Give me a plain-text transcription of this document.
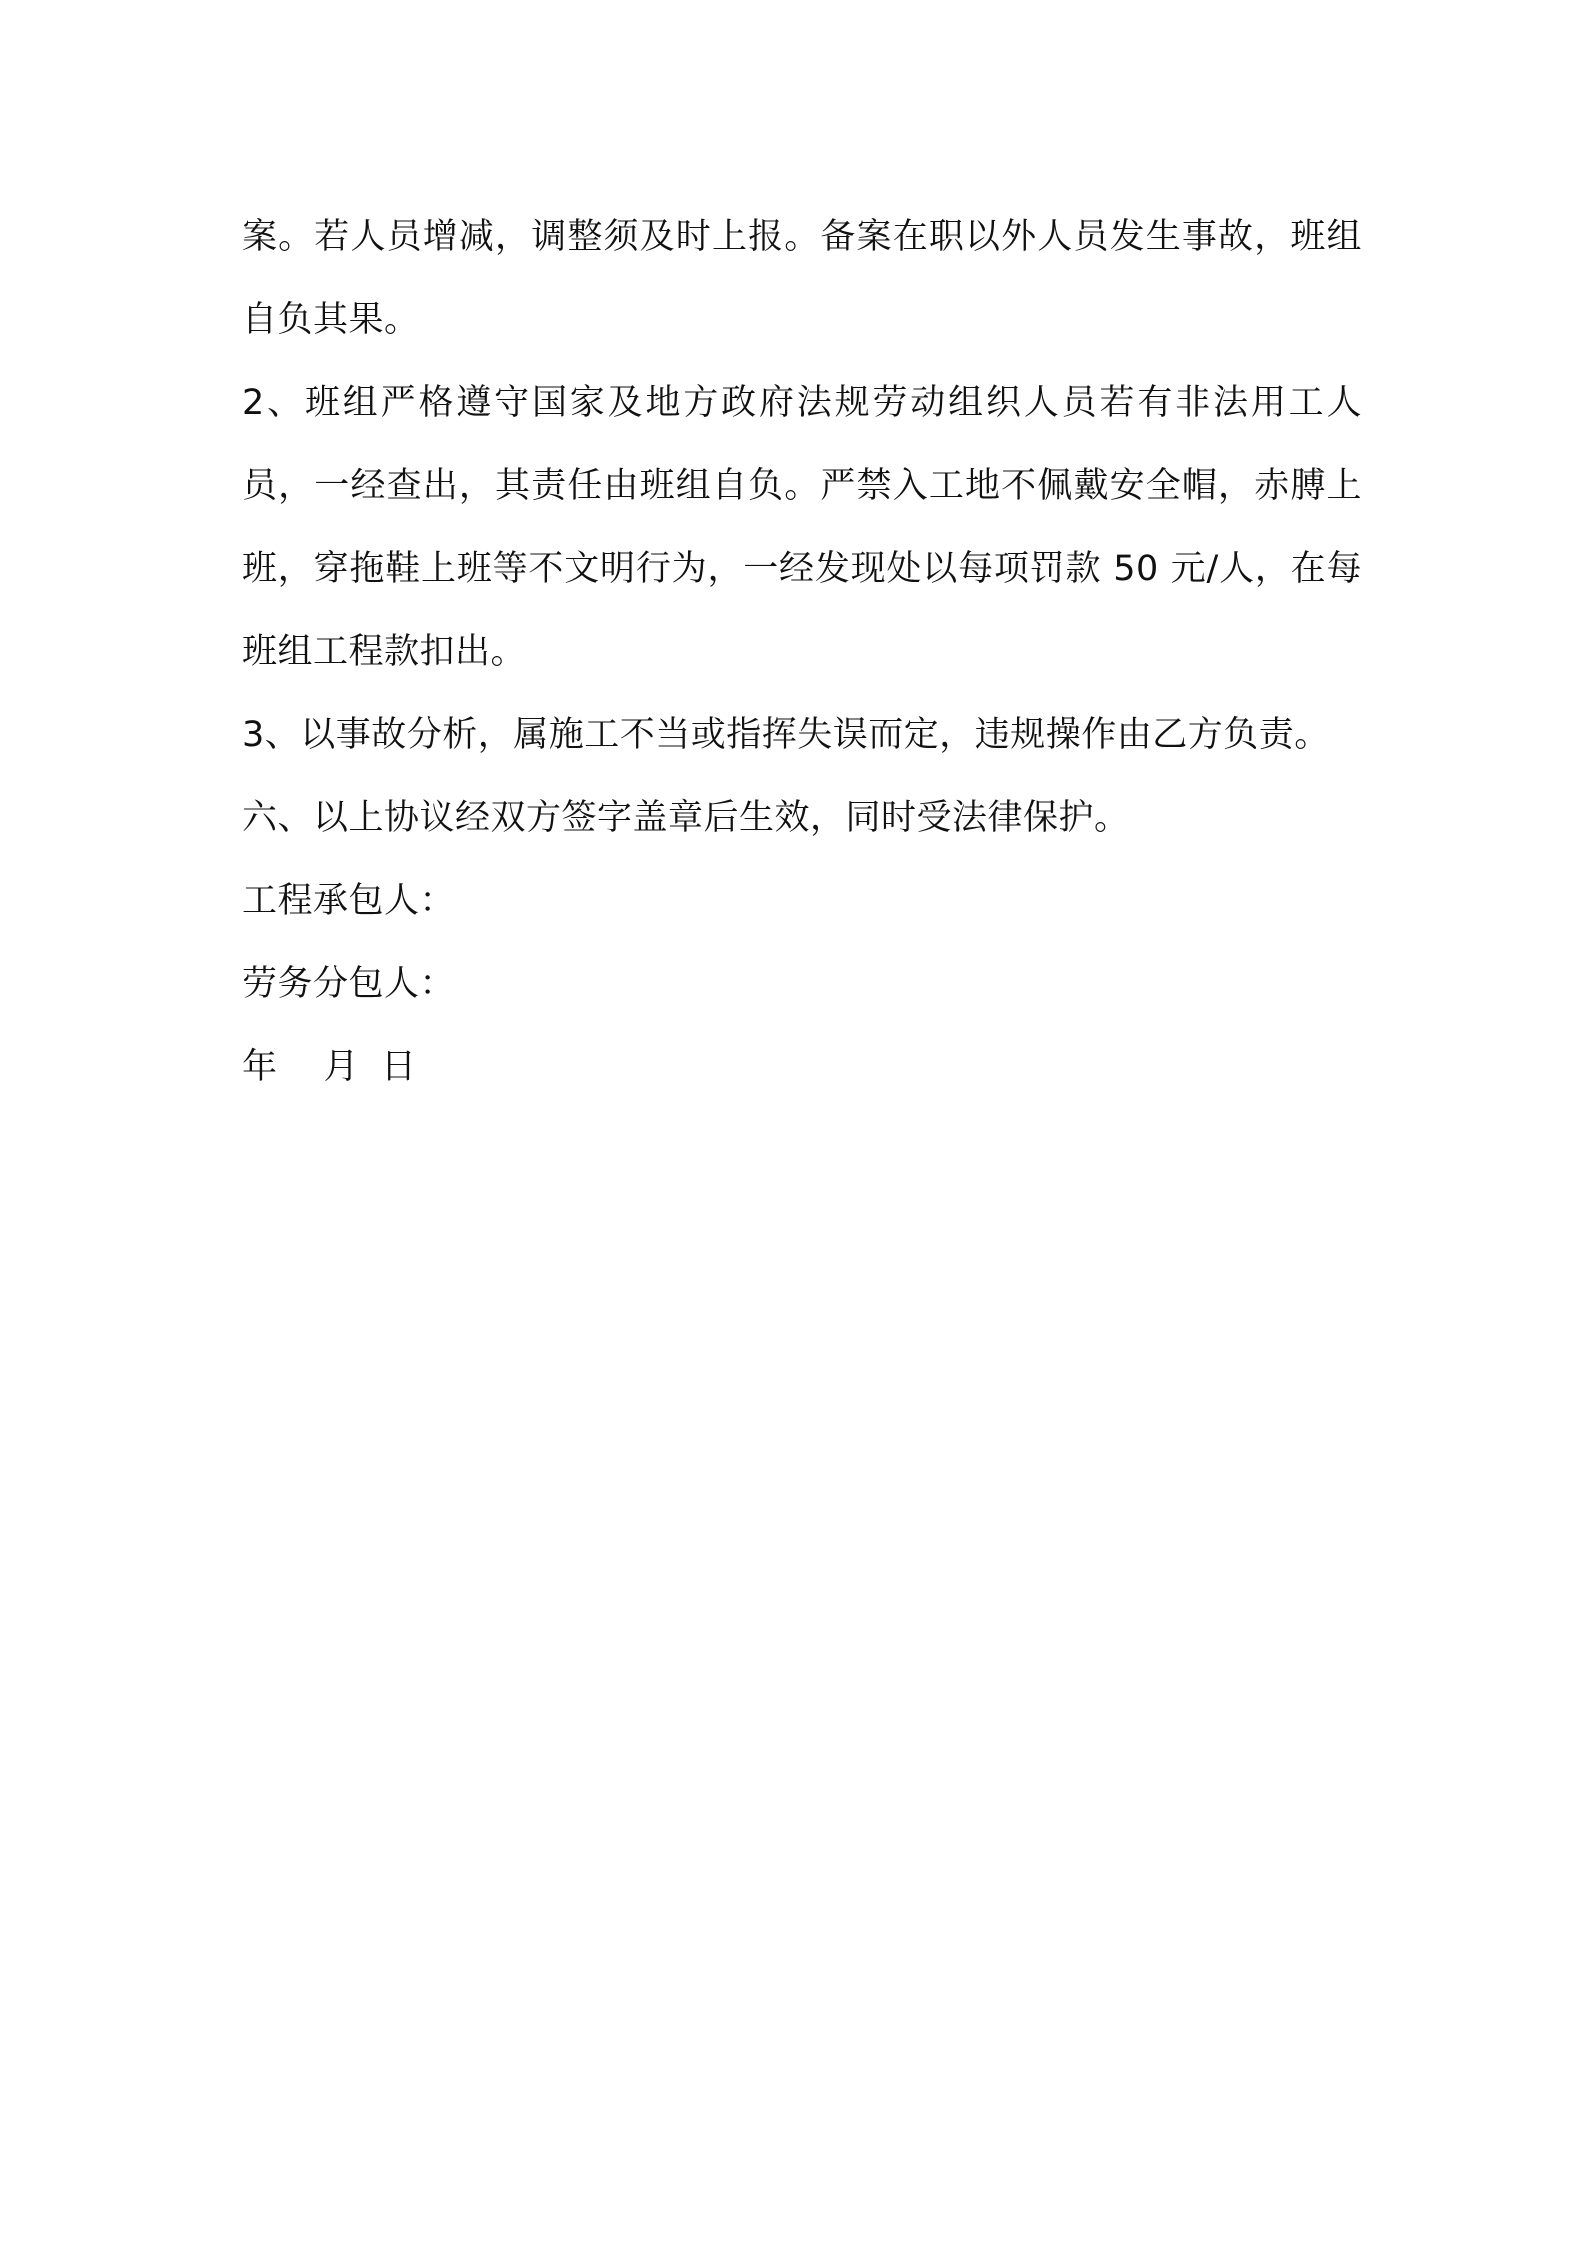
案。若人员增减，调整须及时上报。备案在职以外人员发生事故，班组自负其果。

2、班组严格遵守国家及地方政府法规劳动组织人员若有非法用工人员，一经查出，其责任由班组自负。严禁入工地不佩戴安全帽，赤膊上班，穿拖鞋上班等不文明行为，一经发现处以每项罚款 50 元/人，在每班组工程款扣出。

3、以事故分析，属施工不当或指挥失误而定，违规操作由乙方负责。

六、以上协议经双方签字盖章后生效，同时受法律保护。

工程承包人：

劳务分包人：

年 月 日
